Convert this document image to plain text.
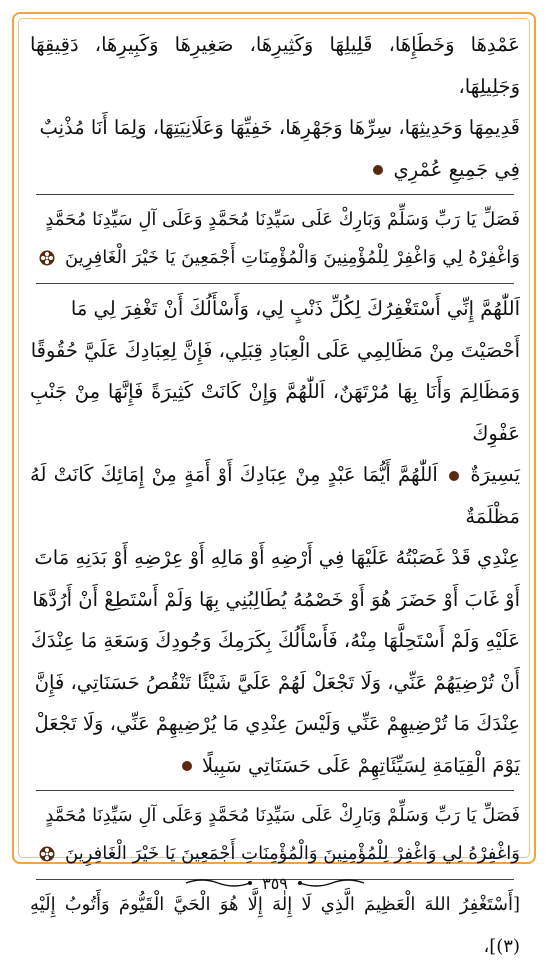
عَمْدِهَا وَخَطَإِهَا، قَلِيلِهَا وَكَثِيرِهَا، صَغِيرِهَا وَكَبِيرِهَا، دَقِيقِهَا وَجَلِيلِهَا،
قَدِيمِهَا وَحَدِيثِهَا، سِرِّهَا وَجَهْرِهَا، خَفِيِّهَا وَعَلَانِيَتِهَا، وَلِمَا أَنَا مُذْنِبٌ
فِي جَمِيعِ عُمْرِي
فَصَلِّ يَا رَبِّ وَسَلِّمْ وَبَارِكْ عَلَى سَيِّدِنَا مُحَمَّدٍ وَعَلَى آلِ سَيِّدِنَا مُحَمَّدٍ
وَاغْفِرْهُ لِي وَاغْفِرْ لِلْمُؤْمِنِينَ وَالْمُؤْمِنَاتِ أَجْمَعِينَ يَا خَيْرَ الْغَافِرِينَ
اَللّٰهُمَّ إِنِّي أَسْتَغْفِرُكَ لِكُلِّ ذَنْبٍ لِي، وَأَسْأَلُكَ أَنْ تَغْفِرَ لِي مَا
أَحْصَيْتَ مِنْ مَظَالِمِي عَلَى الْعِبَادِ قِبَلِي، فَإِنَّ لِعِبَادِكَ عَلَيَّ حُقُوقًا
وَمَظَالِمَ وَأَنَا بِهَا مُرْتَهَنٌ، اَللّٰهُمَّ وَإِنْ كَانَتْ كَثِيرَةً فَإِنَّهَا مِنْ جَنْبِ عَفْوِكَ
يَسِيرَةٌ  اَللّٰهُمَّ أَيُّمَا عَبْدٍ مِنْ عِبَادِكَ أَوْ أَمَةٍ مِنْ إِمَائِكَ كَانَتْ لَهُ مَظْلَمَةٌ
عِنْدِي قَدْ غَصَبْتُهُ عَلَيْهَا فِي أَرْضِهِ أَوْ مَالِهِ أَوْ عِرْضِهِ أَوْ بَدَنِهِ مَاتَ
أَوْ غَابَ أَوْ حَضَرَ هُوَ أَوْ خَصْمُهُ يُطَالِبُنِي بِهَا وَلَمْ أَسْتَطِعْ أَنْ أَرُدَّهَا
عَلَيْهِ وَلَمْ أَسْتَحِلَّهَا مِنْهُ، فَأَسْأَلُكَ بِكَرَمِكَ وَجُودِكَ وَسَعَةِ مَا عِنْدَكَ
أَنْ تُرْضِيَهُمْ عَنِّي، وَلَا تَجْعَلْ لَهُمْ عَلَيَّ شَيْئًا تَنْقُصُ حَسَنَاتِي، فَإِنَّ
عِنْدَكَ مَا تُرْضِيهِمْ عَنِّي وَلَيْسَ عِنْدِي مَا يُرْضِيهِمْ عَنِّي، وَلَا تَجْعَلْ
يَوْمَ الْقِيَامَةِ لِسَيِّئَاتِهِمْ عَلَى حَسَنَاتِي سَبِيلًا
فَصَلِّ يَا رَبِّ وَسَلِّمْ وَبَارِكْ عَلَى سَيِّدِنَا مُحَمَّدٍ وَعَلَى آلِ سَيِّدِنَا مُحَمَّدٍ
وَاغْفِرْهُ لِي وَاغْفِرْ لِلْمُؤْمِنِينَ وَالْمُؤْمِنَاتِ أَجْمَعِينَ يَا خَيْرَ الْغَافِرِينَ
[أَسْتَغْفِرُ اللهَ الْعَظِيمَ الَّذِي لَا إِلٰهَ إِلَّا هُوَ الْحَيَّ الْقَيُّومَ وَأَتُوبُ إِلَيْهِ (٣)]،
٣٥٩
